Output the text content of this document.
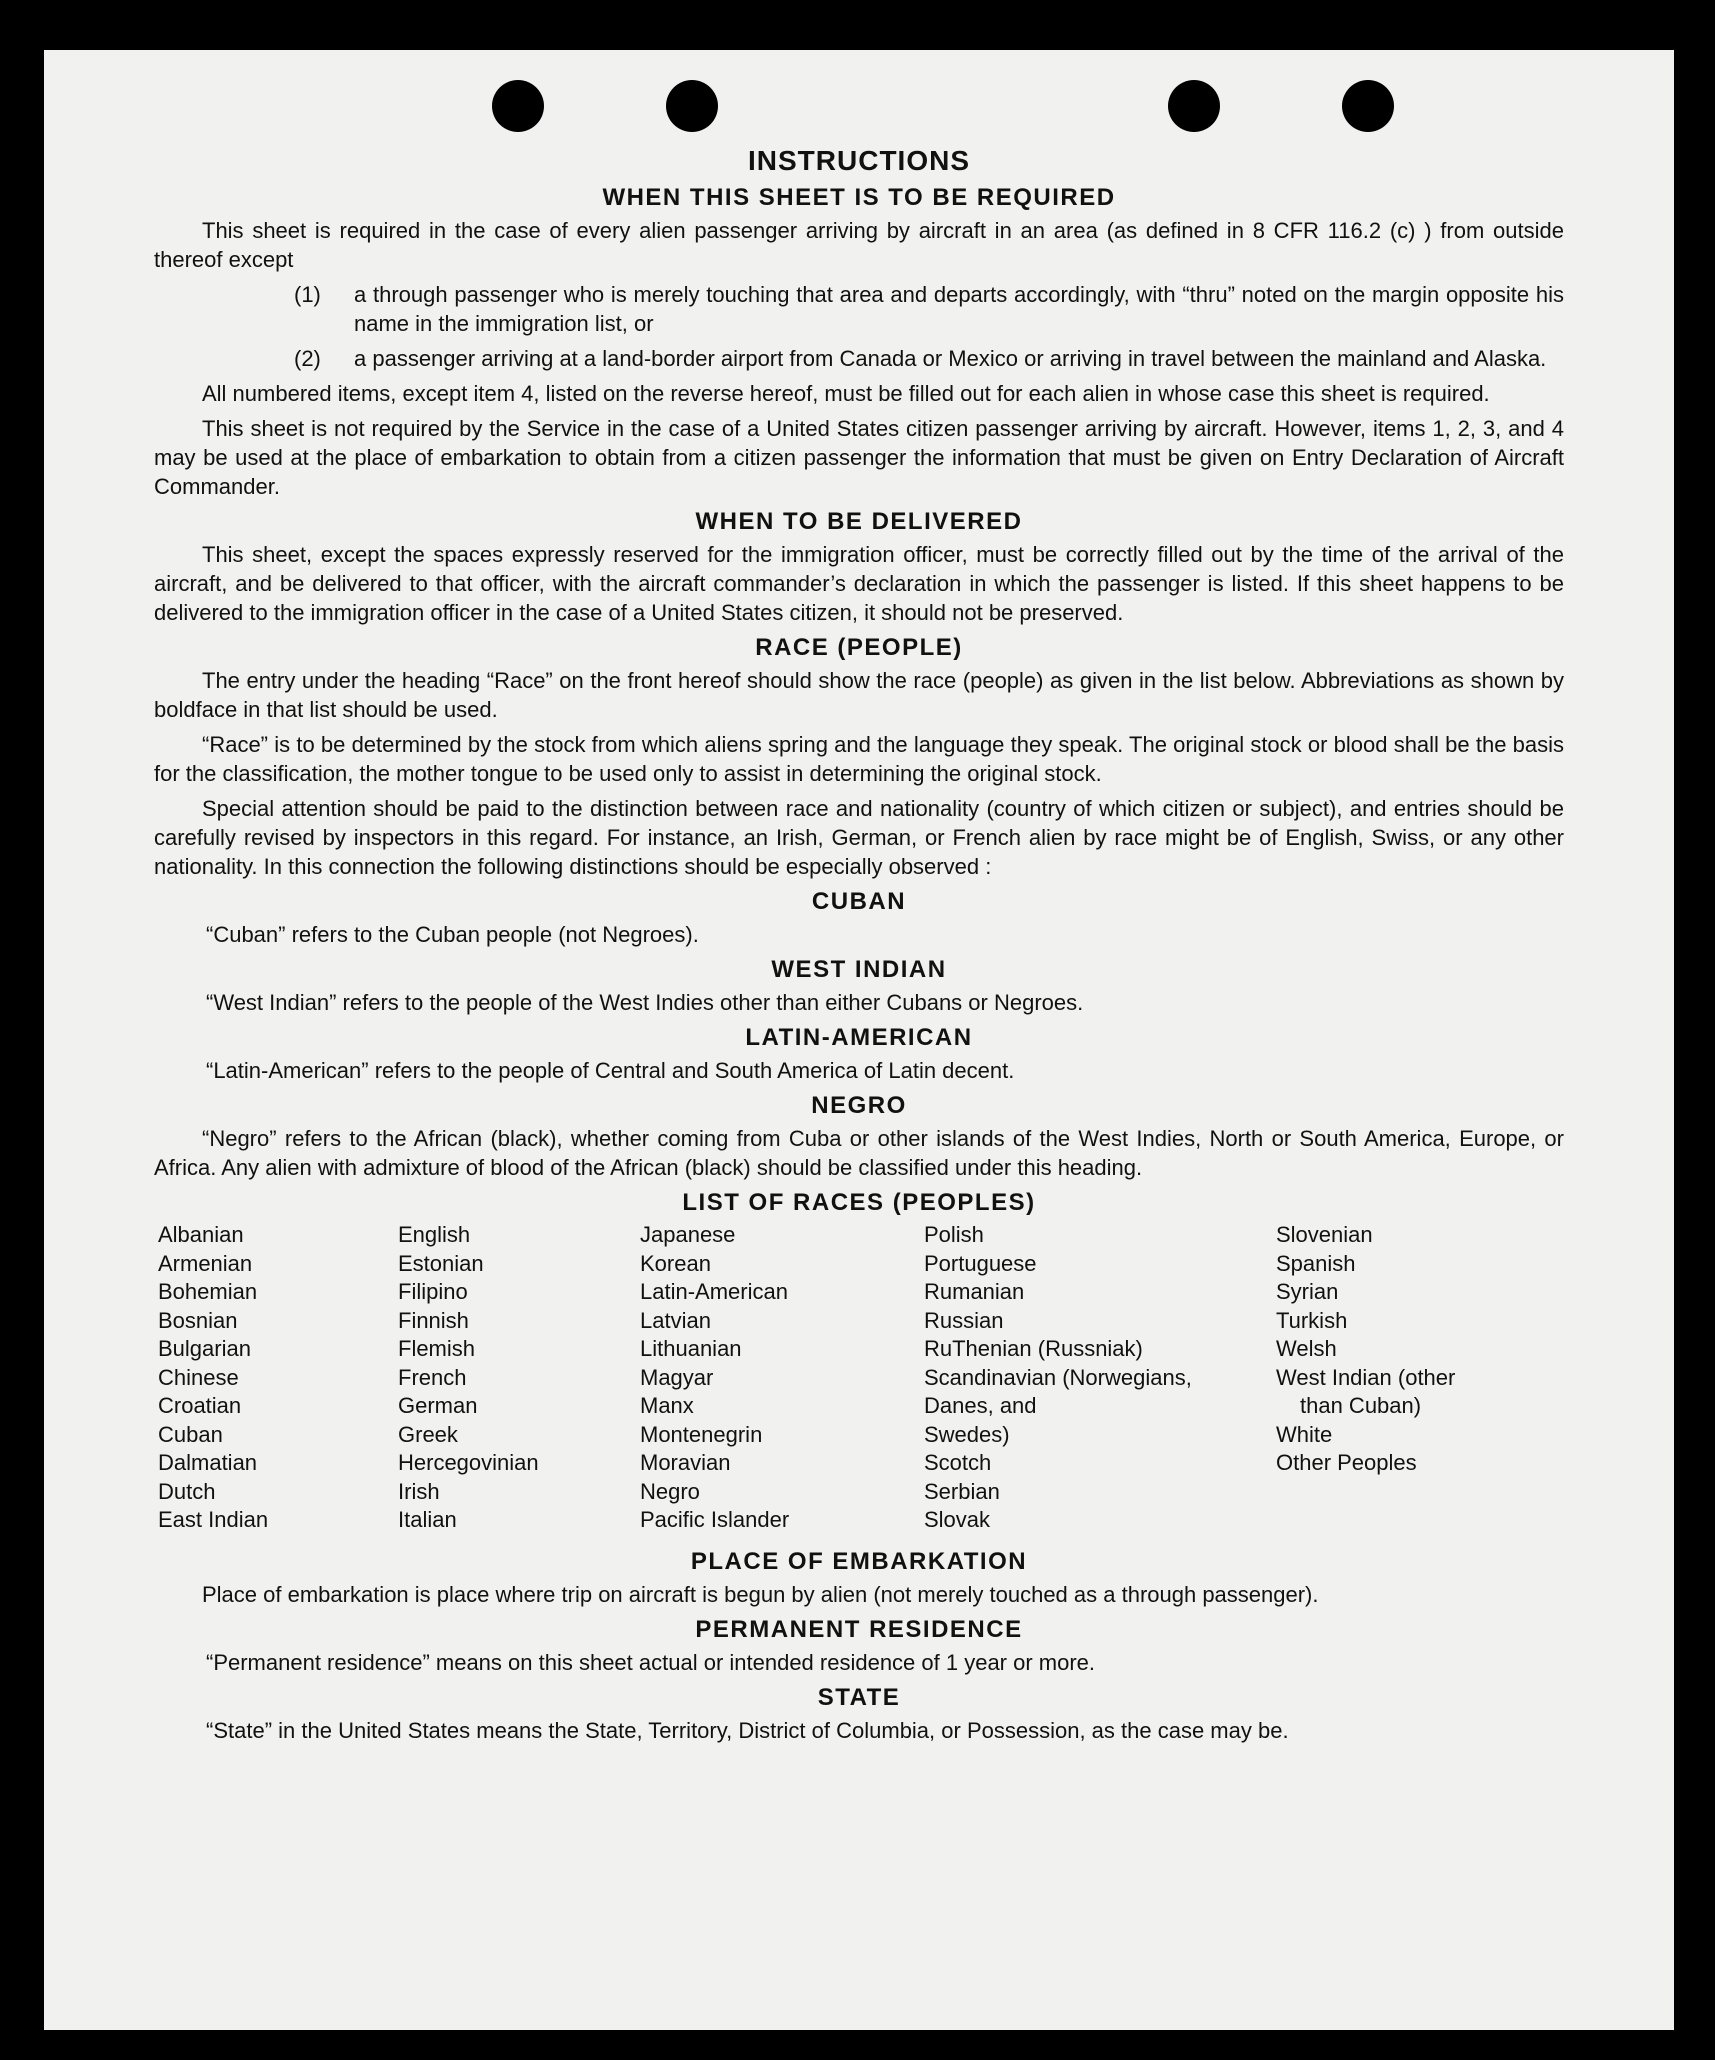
INSTRUCTIONS
WHEN THIS SHEET IS TO BE REQUIRED

This sheet is required in the case of every alien passenger arriving by aircraft in an area (as defined in 8 CFR 116.2 (c) ) from outside thereof except

(1)	a through passenger who is merely touching that area and departs accordingly, with “thru” noted on the margin opposite his name in the immigration list, or
(2)	a passenger arriving at a land-border airport from Canada or Mexico or arriving in travel between the mainland and Alaska.

All numbered items, except item 4, listed on the reverse hereof, must be filled out for each alien in whose case this sheet is required.

This sheet is not required by the Service in the case of a United States citizen passenger arriving by aircraft. However, items 1, 2, 3, and 4 may be used at the place of embarkation to obtain from a citizen passenger the information that must be given on Entry Declaration of Aircraft Commander.

WHEN TO BE DELIVERED

This sheet, except the spaces expressly reserved for the immigration officer, must be correctly filled out by the time of the arrival of the aircraft, and be delivered to that officer, with the aircraft commander’s declaration in which the passenger is listed. If this sheet happens to be delivered to the immigration officer in the case of a United States citizen, it should not be preserved.

RACE (PEOPLE)

The entry under the heading “Race” on the front hereof should show the race (people) as given in the list below. Abbreviations as shown by boldface in that list should be used.

“Race” is to be determined by the stock from which aliens spring and the language they speak. The original stock or blood shall be the basis for the classification, the mother tongue to be used only to assist in determining the original stock.

Special attention should be paid to the distinction between race and nationality (country of which citizen or subject), and entries should be carefully revised by inspectors in this regard. For instance, an Irish, German, or French alien by race might be of English, Swiss, or any other nationality. In this connection the following distinctions should be especially observed :

CUBAN

“Cuban” refers to the Cuban people (not Negroes).

WEST INDIAN

“West Indian” refers to the people of the West Indies other than either Cubans or Negroes.

LATIN-AMERICAN

“Latin-American” refers to the people of Central and South America of Latin decent.

NEGRO

“Negro” refers to the African (black), whether coming from Cuba or other islands of the West Indies, North or South America, Europe, or Africa. Any alien with admixture of blood of the African (black) should be classified under this heading.

LIST OF RACES (PEOPLES)
Albanian
Armenian
Bohemian
Bosnian
Bulgarian
Chinese
Croatian
Cuban
Dalmatian
Dutch
East Indian
English
Estonian
Filipino
Finnish
Flemish
French
German
Greek
Hercegovinian
Irish
Italian
Japanese
Korean
Latin-American
Latvian
Lithuanian
Magyar
Manx
Montenegrin
Moravian
Negro
Pacific Islander
Polish
Portuguese
Rumanian
Russian
RuThenian (Russniak)
Scandinavian (Norwegians,
Danes, and
Swedes)
Scotch
Serbian
Slovak
Slovenian
Spanish
Syrian
Turkish
Welsh
West Indian (other
than Cuban)
White
Other Peoples
PLACE OF EMBARKATION

Place of embarkation is place where trip on aircraft is begun by alien (not merely touched as a through passenger).

PERMANENT RESIDENCE

“Permanent residence” means on this sheet actual or intended residence of 1 year or more.

STATE

“State” in the United States means the State, Territory, District of Columbia, or Possession, as the case may be.
